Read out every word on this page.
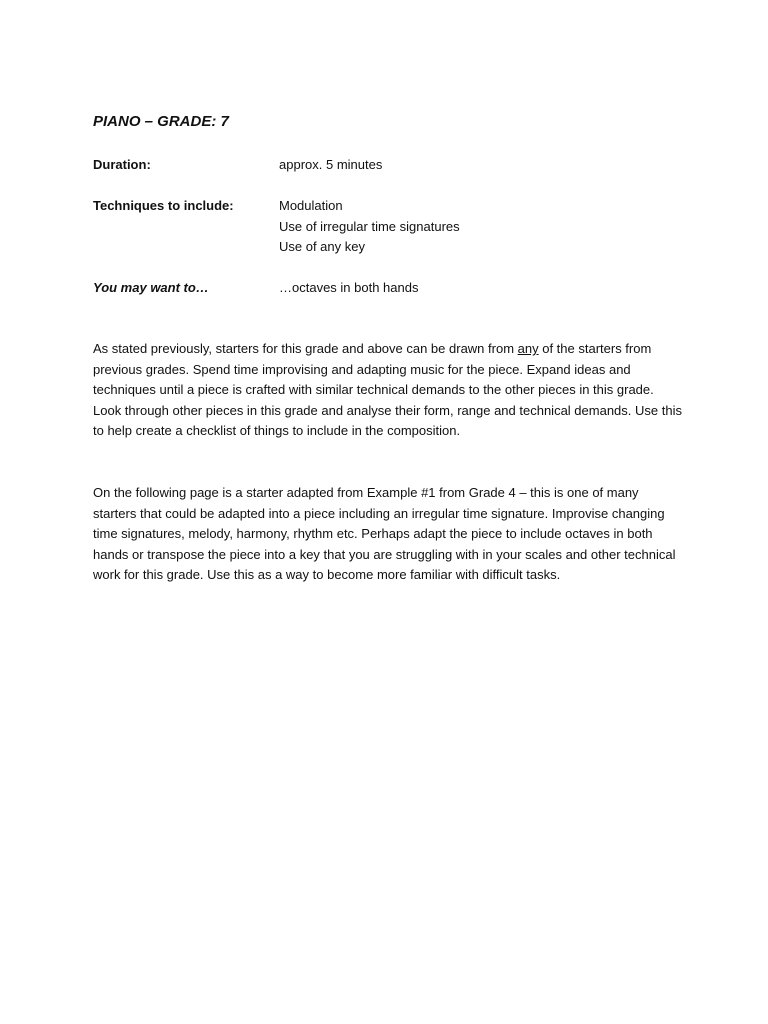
PIANO – GRADE: 7
Duration:	approx. 5 minutes
Techniques to include:	Modulation
Use of irregular time signatures
Use of any key
You may want to…	…octaves in both hands

As stated previously, starters for this grade and above can be drawn from any of the starters from previous grades. Spend time improvising and adapting music for the piece. Expand ideas and techniques until a piece is crafted with similar technical demands to the other pieces in this grade. Look through other pieces in this grade and analyse their form, range and technical demands. Use this to help create a checklist of things to include in the composition.

On the following page is a starter adapted from Example #1 from Grade 4 – this is one of many starters that could be adapted into a piece including an irregular time signature. Improvise changing time signatures, melody, harmony, rhythm etc. Perhaps adapt the piece to include octaves in both hands or transpose the piece into a key that you are struggling with in your scales and other technical work for this grade. Use this as a way to become more familiar with difficult tasks.
